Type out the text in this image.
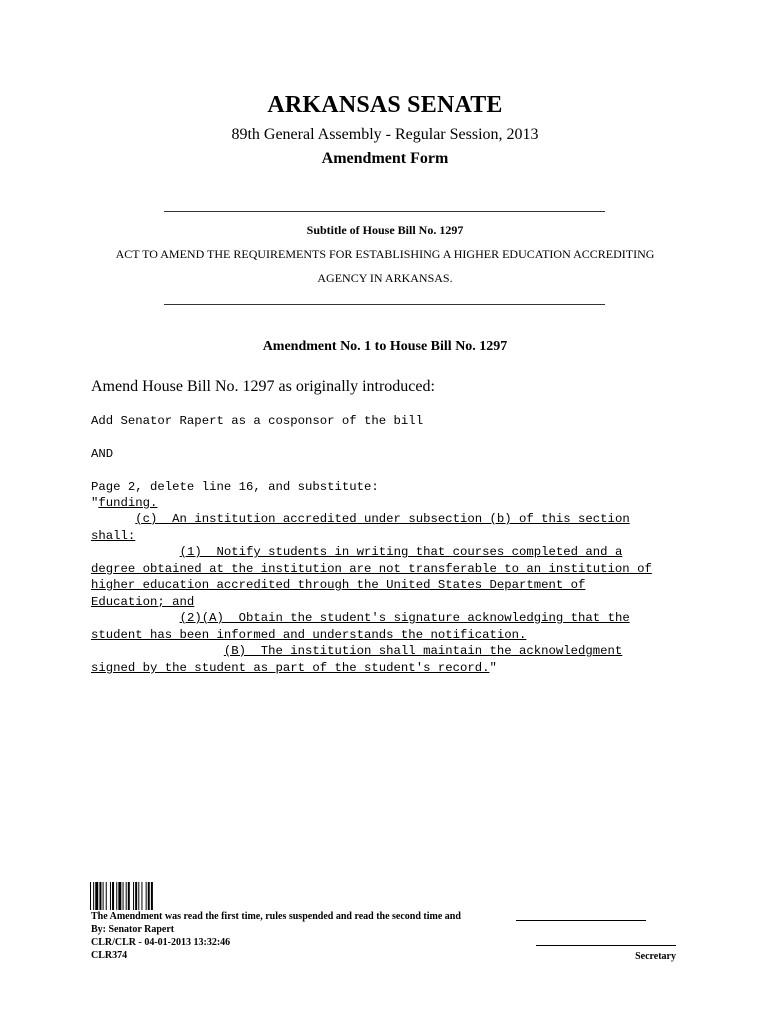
ARKANSAS SENATE
89th General Assembly - Regular Session, 2013
Amendment Form
Subtitle of House Bill No. 1297
ACT TO AMEND THE REQUIREMENTS FOR ESTABLISHING A HIGHER EDUCATION ACCREDITING
AGENCY IN ARKANSAS.
Amendment No. 1 to House Bill No. 1297
Amend House Bill No. 1297 as originally introduced:
Add Senator Rapert as a cosponsor of the bill
AND
Page 2, delete line 16, and substitute:
"funding.
(c)  An institution accredited under subsection (b) of this section
shall:
(1)  Notify students in writing that courses completed and a
degree obtained at the institution are not transferable to an institution of
higher education accredited through the United States Department of
Education; and
(2)(A)  Obtain the student's signature acknowledging that the
student has been informed and understands the notification.
(B)  The institution shall maintain the acknowledgment
signed by the student as part of the student's record."
The Amendment was read the first time, rules suspended and read the second time and
By: Senator Rapert
CLR/CLR - 04-01-2013 13:32:46
CLR374	Secretary
